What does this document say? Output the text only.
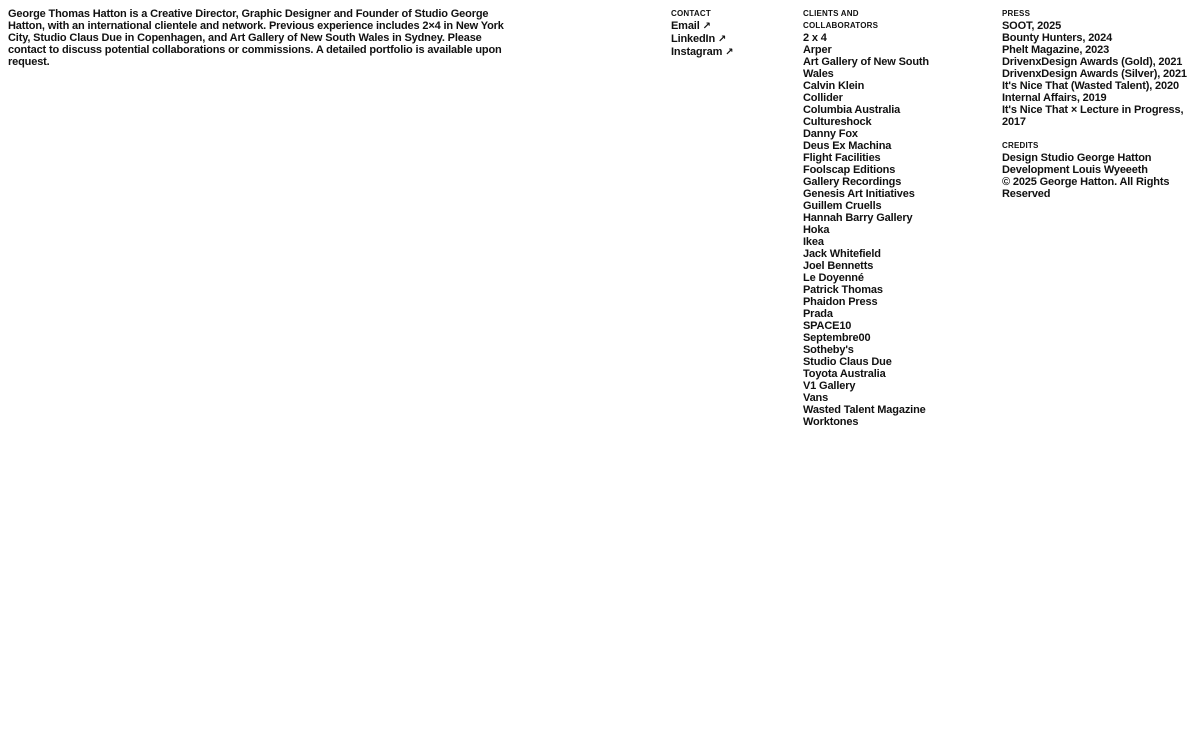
George Thomas Hatton is a Creative Director, Graphic Designer and Founder of Studio George Hatton, with an international clientele and network. Previous experience includes 2×4 in New York City, Studio Claus Due in Copenhagen, and Art Gallery of New South Wales in Sydney. Please contact to discuss potential collaborations or commissions. A detailed portfolio is available upon request.
CONTACT
Email ↗
LinkedIn ↗
Instagram ↗
CLIENTS AND
COLLABORATORS
2 x 4
Arper
Art Gallery of New South Wales
Calvin Klein
Collider
Columbia Australia
Cultureshock
Danny Fox
Deus Ex Machina
Flight Facilities
Foolscap Editions
Gallery Recordings
Genesis Art Initiatives
Guillem Cruells
Hannah Barry Gallery
Hoka
Ikea
Jack Whitefield
Joel Bennetts
Le Doyenné
Patrick Thomas
Phaidon Press
Prada
SPACE10
Septembre00
Sotheby's
Studio Claus Due
Toyota Australia
V1 Gallery
Vans
Wasted Talent Magazine
Worktones
PRESS
SOOT, 2025
Bounty Hunters, 2024
Phelt Magazine, 2023
DrivenxDesign Awards (Gold), 2021
DrivenxDesign Awards (Silver), 2021
It's Nice That (Wasted Talent), 2020
Internal Affairs, 2019
It's Nice That × Lecture in Progress, 2017
CREDITS
Design Studio George Hatton
Development Louis Wyeeeth
© 2025 George Hatton. All Rights Reserved
